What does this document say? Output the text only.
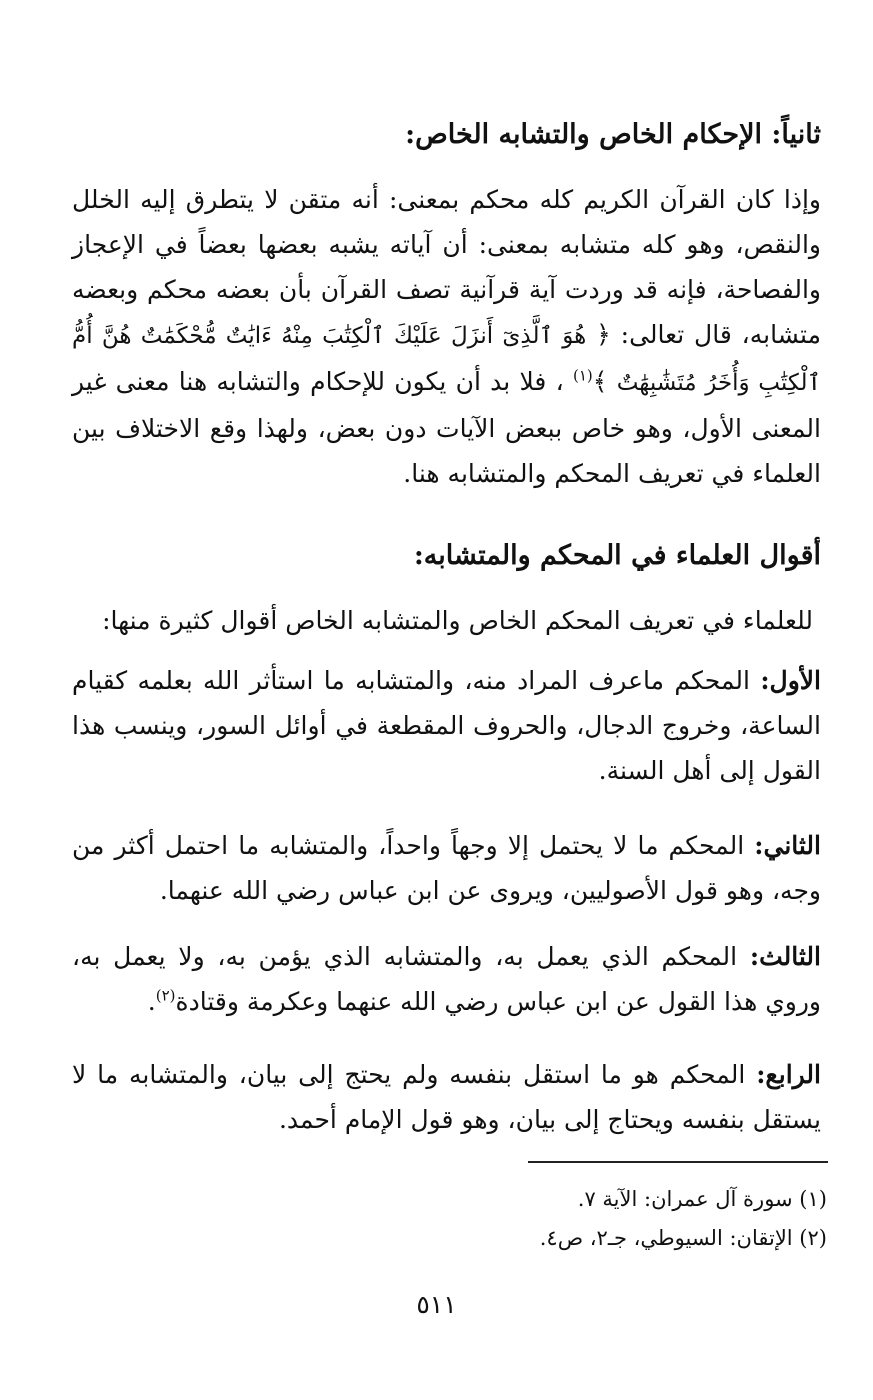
ثانياً: الإحكام الخاص والتشابه الخاص:

وإذا كان القرآن الكريم كله محكم بمعنى: أنه متقن لا يتطرق إليه الخلل والنقص، وهو كله متشابه بمعنى: أن آياته يشبه بعضها بعضاً في الإعجاز والفصاحة، فإنه قد وردت آية قرآنية تصف القرآن بأن بعضه محكم وبعضه متشابه، قال تعالى: ﴿ هُوَ ٱلَّذِىٓ أَنزَلَ عَلَيْكَ ٱلْكِتَٰبَ مِنْهُ ءَايَٰتٌ مُّحْكَمَٰتٌ هُنَّ أُمُّ ٱلْكِتَٰبِ وَأُخَرُ مُتَشَٰبِهَٰتٌ ﴾$^{(١)}$ ، فلا بد أن يكون للإحكام والتشابه هنا معنى غير المعنى الأول، وهو خاص ببعض الآيات دون بعض، ولهذا وقع الاختلاف بين العلماء في تعريف المحكم والمتشابه هنا.

أقوال العلماء في المحكم والمتشابه:

للعلماء في تعريف المحكم الخاص والمتشابه الخاص أقوال كثيرة منها:

الأول: المحكم ماعرف المراد منه، والمتشابه ما استأثر الله بعلمه كقيام الساعة، وخروج الدجال، والحروف المقطعة في أوائل السور، وينسب هذا القول إلى أهل السنة.

الثاني: المحكم ما لا يحتمل إلا وجهاً واحداً، والمتشابه ما احتمل أكثر من وجه، وهو قول الأصوليين، ويروى عن ابن عباس رضي الله عنهما.

الثالث: المحكم الذي يعمل به، والمتشابه الذي يؤمن به، ولا يعمل به، وروي هذا القول عن ابن عباس رضي الله عنهما وعكرمة وقتادة$^{(٢)}$.

الرابع: المحكم هو ما استقل بنفسه ولم يحتج إلى بيان، والمتشابه ما لا يستقل بنفسه ويحتاج إلى بيان، وهو قول الإمام أحمد.

(١) سورة آل عمران: الآية ٧.

(٢) الإتقان: السيوطي، جـ٢، ص٤.

٥١١
